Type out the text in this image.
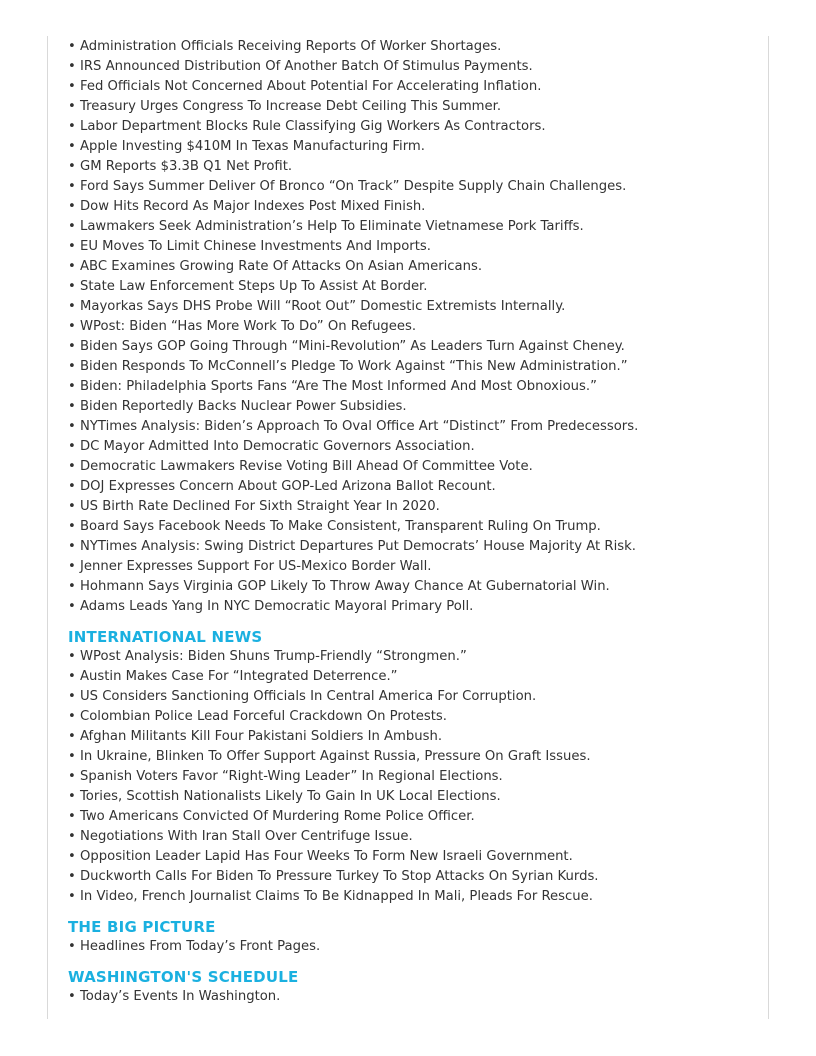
• Administration Officials Receiving Reports Of Worker Shortages.
• IRS Announced Distribution Of Another Batch Of Stimulus Payments.
• Fed Officials Not Concerned About Potential For Accelerating Inflation.
• Treasury Urges Congress To Increase Debt Ceiling This Summer.
• Labor Department Blocks Rule Classifying Gig Workers As Contractors.
• Apple Investing $410M In Texas Manufacturing Firm.
• GM Reports $3.3B Q1 Net Profit.
• Ford Says Summer Deliver Of Bronco “On Track” Despite Supply Chain Challenges.
• Dow Hits Record As Major Indexes Post Mixed Finish.
• Lawmakers Seek Administration’s Help To Eliminate Vietnamese Pork Tariffs.
• EU Moves To Limit Chinese Investments And Imports.
• ABC Examines Growing Rate Of Attacks On Asian Americans.
• State Law Enforcement Steps Up To Assist At Border.
• Mayorkas Says DHS Probe Will “Root Out” Domestic Extremists Internally.
• WPost: Biden “Has More Work To Do” On Refugees.
• Biden Says GOP Going Through “Mini-Revolution” As Leaders Turn Against Cheney.
• Biden Responds To McConnell’s Pledge To Work Against “This New Administration.”
• Biden: Philadelphia Sports Fans “Are The Most Informed And Most Obnoxious.”
• Biden Reportedly Backs Nuclear Power Subsidies.
• NYTimes Analysis: Biden’s Approach To Oval Office Art “Distinct” From Predecessors.
• DC Mayor Admitted Into Democratic Governors Association.
• Democratic Lawmakers Revise Voting Bill Ahead Of Committee Vote.
• DOJ Expresses Concern About GOP-Led Arizona Ballot Recount.
• US Birth Rate Declined For Sixth Straight Year In 2020.
• Board Says Facebook Needs To Make Consistent, Transparent Ruling On Trump.
• NYTimes Analysis: Swing District Departures Put Democrats’ House Majority At Risk.
• Jenner Expresses Support For US-Mexico Border Wall.
• Hohmann Says Virginia GOP Likely To Throw Away Chance At Gubernatorial Win.
• Adams Leads Yang In NYC Democratic Mayoral Primary Poll.
INTERNATIONAL NEWS
• WPost Analysis: Biden Shuns Trump-Friendly “Strongmen.”
• Austin Makes Case For “Integrated Deterrence.”
• US Considers Sanctioning Officials In Central America For Corruption.
• Colombian Police Lead Forceful Crackdown On Protests.
• Afghan Militants Kill Four Pakistani Soldiers In Ambush.
• In Ukraine, Blinken To Offer Support Against Russia, Pressure On Graft Issues.
• Spanish Voters Favor “Right-Wing Leader” In Regional Elections.
• Tories, Scottish Nationalists Likely To Gain In UK Local Elections.
• Two Americans Convicted Of Murdering Rome Police Officer.
• Negotiations With Iran Stall Over Centrifuge Issue.
• Opposition Leader Lapid Has Four Weeks To Form New Israeli Government.
• Duckworth Calls For Biden To Pressure Turkey To Stop Attacks On Syrian Kurds.
• In Video, French Journalist Claims To Be Kidnapped In Mali, Pleads For Rescue.
THE BIG PICTURE
• Headlines From Today’s Front Pages.
WASHINGTON'S SCHEDULE
• Today’s Events In Washington.
